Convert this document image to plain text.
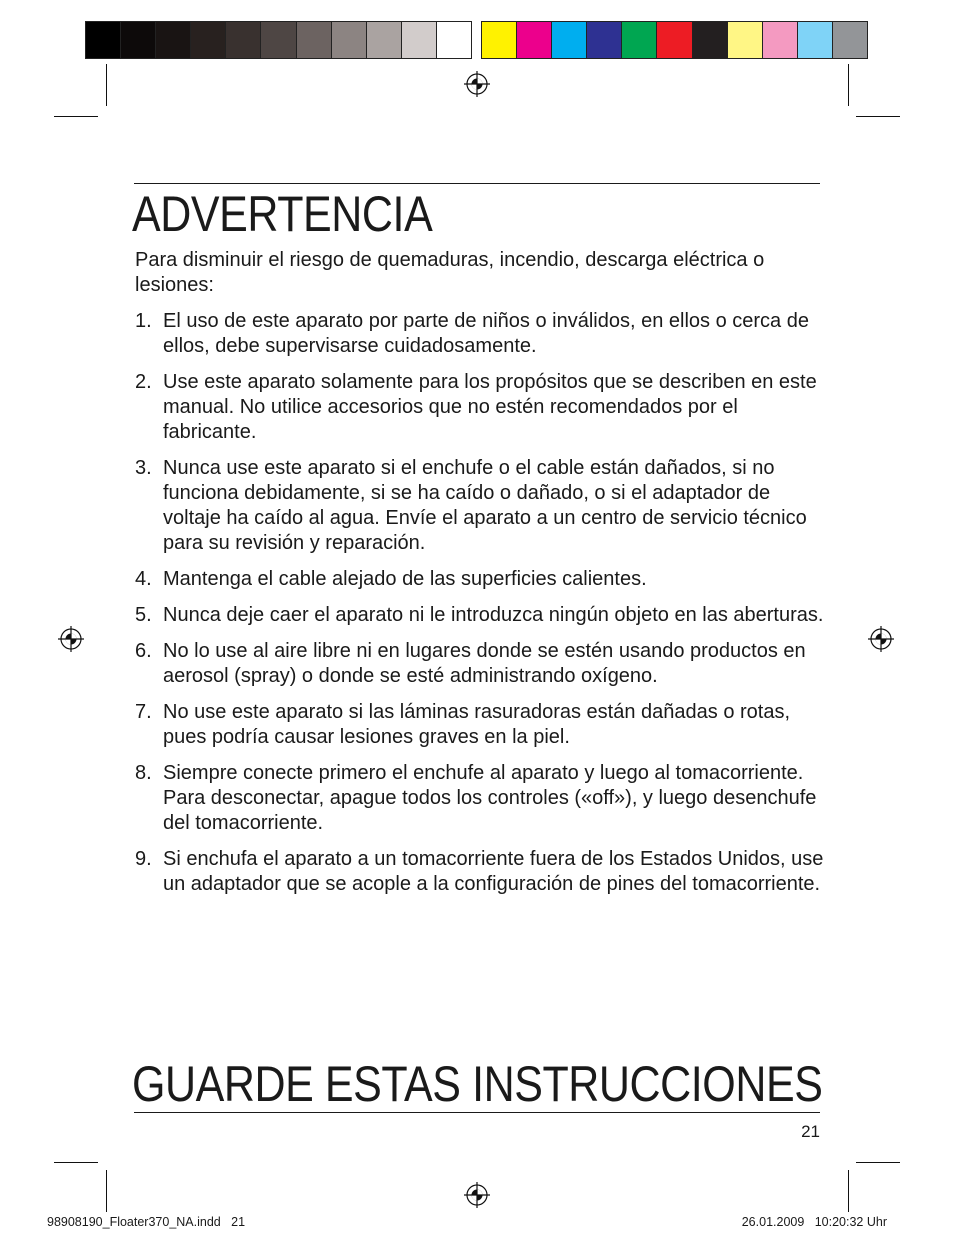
ADVERTENCIA

Para disminuir el riesgo de quemaduras, incendio, descarga eléctrica o lesiones:

1. El uso de este aparato por parte de niños o inválidos, en ellos o cerca de ellos, debe supervisarse cuidadosamente.
2. Use este aparato solamente para los propósitos que se describen en este manual. No utilice accesorios que no estén recomendados por el fabricante.
3. Nunca use este aparato si el enchufe o el cable están dañados, si no funciona debidamente, si se ha caído o dañado, o si el adaptador de voltaje ha caído al agua. Envíe el aparato a un centro de servicio técnico para su revisión y reparación.
4. Mantenga el cable alejado de las superficies calientes.
5. Nunca deje caer el aparato ni le introduzca ningún objeto en las aberturas.
6. No lo use al aire libre ni en lugares donde se estén usando productos en aerosol (spray) o donde se esté administrando oxígeno.
7. No use este aparato si las láminas rasuradoras están dañadas o rotas, pues podría causar lesiones graves en la piel.
8. Siempre conecte primero el enchufe al aparato y luego al tomacorriente. Para desconectar, apague todos los controles («off»), y luego desenchufe del tomacorriente.
9. Si enchufa el aparato a un tomacorriente fuera de los Estados Unidos, use un adaptador que se acople a la configuración de pines del tomacorriente.
GUARDE ESTAS INSTRUCCIONES
21
98908190_Floater370_NA.indd   21	26.01.2009   10:20:32 Uhr
